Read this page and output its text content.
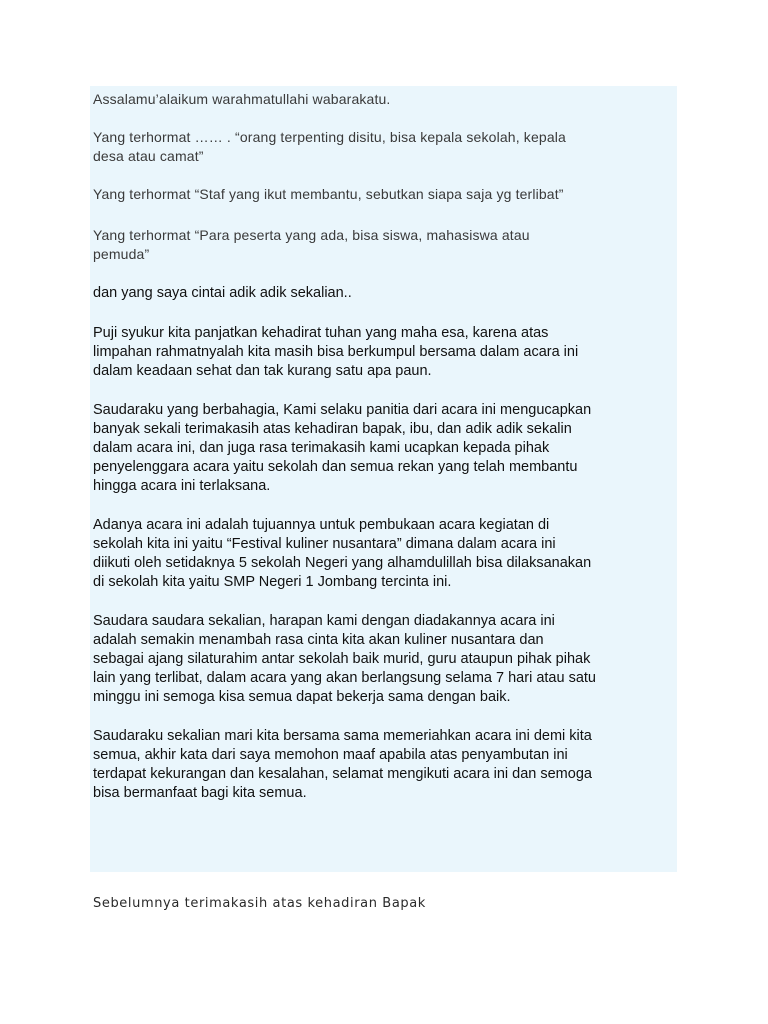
Assalamu’alaikum warahmatullahi wabarakatu.

Yang terhormat …… . “orang terpenting disitu, bisa kepala sekolah, kepala
desa atau camat”

Yang terhormat “Staf yang ikut membantu, sebutkan siapa saja yg terlibat”

Yang terhormat “Para peserta yang ada, bisa siswa, mahasiswa atau
pemuda”

dan yang saya cintai adik adik sekalian..

Puji syukur kita panjatkan kehadirat tuhan yang maha esa, karena atas
limpahan rahmatnyalah kita masih bisa berkumpul bersama dalam acara ini
dalam keadaan sehat dan tak kurang satu apa paun.

Saudaraku yang berbahagia, Kami selaku panitia dari acara ini mengucapkan
banyak sekali terimakasih atas kehadiran bapak, ibu, dan adik adik sekalin
dalam acara ini, dan juga rasa terimakasih kami ucapkan kepada pihak
penyelenggara acara yaitu sekolah dan semua rekan yang telah membantu
hingga acara ini terlaksana.

Adanya acara ini adalah tujuannya untuk pembukaan acara kegiatan di
sekolah kita ini yaitu “Festival kuliner nusantara” dimana dalam acara ini
diikuti oleh setidaknya 5 sekolah Negeri yang alhamdulillah bisa dilaksanakan
di sekolah kita yaitu SMP Negeri 1 Jombang tercinta ini.

Saudara saudara sekalian, harapan kami dengan diadakannya acara ini
adalah semakin menambah rasa cinta kita akan kuliner nusantara dan
sebagai ajang silaturahim antar sekolah baik murid, guru ataupun pihak pihak
lain yang terlibat, dalam acara yang akan berlangsung selama 7 hari atau satu
minggu ini semoga kisa semua dapat bekerja sama dengan baik.

Saudaraku sekalian mari kita bersama sama memeriahkan acara ini demi kita
semua, akhir kata dari saya memohon maaf apabila atas penyambutan ini
terdapat kekurangan dan kesalahan, selamat mengikuti acara ini dan semoga
bisa bermanfaat bagi kita semua.

Sebelumnya terimakasih atas kehadiran Bapak
